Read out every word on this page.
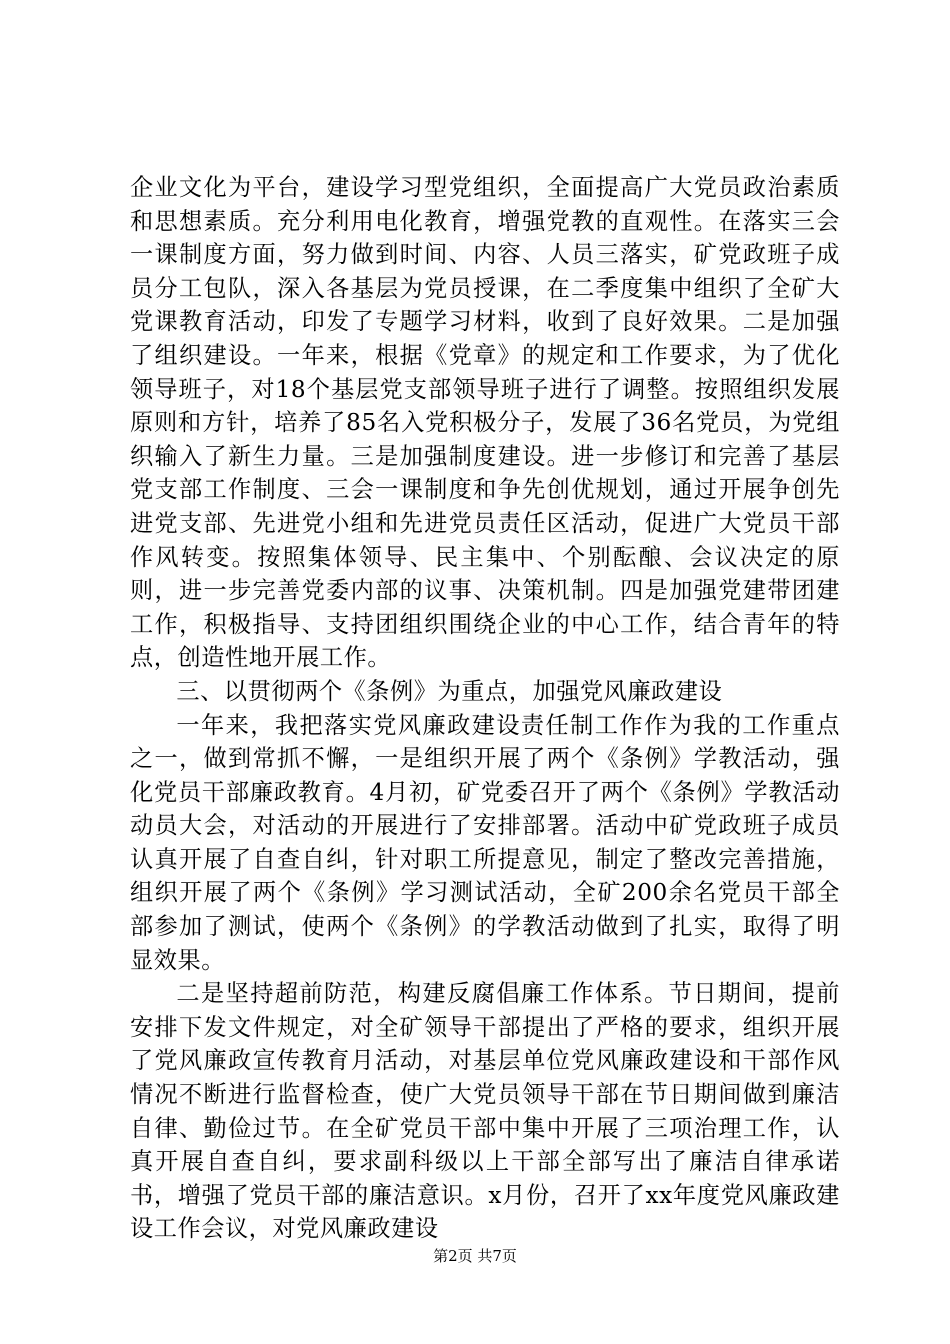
企业文化为平台，建设学习型党组织，全面提高广大党员政治素质和思想素质。充分利用电化教育，增强党教的直观性。在落实三会一课制度方面，努力做到时间、内容、人员三落实，矿党政班子成员分工包队，深入各基层为党员授课，在二季度集中组织了全矿大党课教育活动，印发了专题学习材料，收到了良好效果。二是加强了组织建设。一年来，根据《党章》的规定和工作要求，为了优化领导班子，对18个基层党支部领导班子进行了调整。按照组织发展原则和方针，培养了85名入党积极分子，发展了36名党员，为党组织输入了新生力量。三是加强制度建设。进一步修订和完善了基层党支部工作制度、三会一课制度和争先创优规划，通过开展争创先进党支部、先进党小组和先进党员责任区活动，促进广大党员干部作风转变。按照集体领导、民主集中、个别酝酿、会议决定的原则，进一步完善党委内部的议事、决策机制。四是加强党建带团建工作，积极指导、支持团组织围绕企业的中心工作，结合青年的特点，创造性地开展工作。

三、以贯彻两个《条例》为重点，加强党风廉政建设

一年来，我把落实党风廉政建设责任制工作作为我的工作重点之一，做到常抓不懈，一是组织开展了两个《条例》学教活动，强化党员干部廉政教育。4月初，矿党委召开了两个《条例》学教活动动员大会，对活动的开展进行了安排部署。活动中矿党政班子成员认真开展了自查自纠，针对职工所提意见，制定了整改完善措施，组织开展了两个《条例》学习测试活动，全矿200余名党员干部全部参加了测试，使两个《条例》的学教活动做到了扎实，取得了明显效果。

二是坚持超前防范，构建反腐倡廉工作体系。节日期间，提前安排下发文件规定，对全矿领导干部提出了严格的要求，组织开展了党风廉政宣传教育月活动，对基层单位党风廉政建设和干部作风情况不断进行监督检查，使广大党员领导干部在节日期间做到廉洁自律、勤俭过节。在全矿党员干部中集中开展了三项治理工作，认真开展自查自纠，要求副科级以上干部全部写出了廉洁自律承诺书，增强了党员干部的廉洁意识。x月份，召开了xx年度党风廉政建设工作会议，对党风廉政建设

第2页 共7页
